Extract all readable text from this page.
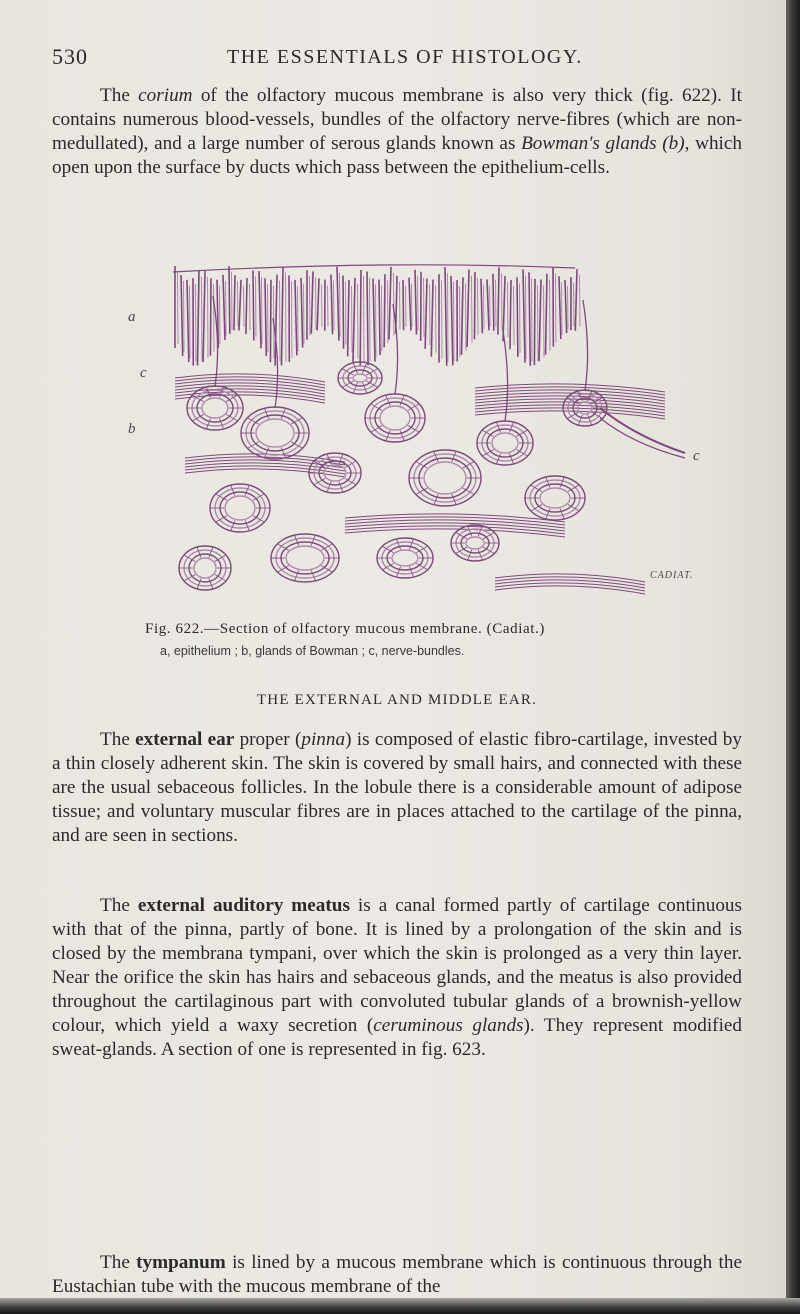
530	THE ESSENTIALS OF HISTOLOGY.

The corium of the olfactory mucous membrane is also very thick (fig. 622). It contains numerous blood-vessels, bundles of the olfactory nerve-fibres (which are non-medullated), and a large number of serous glands known as Bowman's glands (b), which open upon the surface by ducts which pass between the epithelium-cells.

a
c
b
c
CADIAT.
Fig. 622.—Section of olfactory mucous membrane. (Cadiat.)
a, epithelium ; b, glands of Bowman ; c, nerve-bundles.
THE EXTERNAL AND MIDDLE EAR.

The external ear proper (pinna) is composed of elastic fibro-cartilage, invested by a thin closely adherent skin. The skin is covered by small hairs, and connected with these are the usual sebaceous follicles. In the lobule there is a considerable amount of adipose tissue; and voluntary muscular fibres are in places attached to the cartilage of the pinna, and are seen in sections.

The external auditory meatus is a canal formed partly of cartilage continuous with that of the pinna, partly of bone. It is lined by a prolongation of the skin and is closed by the membrana tympani, over which the skin is prolonged as a very thin layer. Near the orifice the skin has hairs and sebaceous glands, and the meatus is also provided throughout the cartilaginous part with convoluted tubular glands of a brownish-yellow colour, which yield a waxy secretion (ceruminous glands). They represent modified sweat-glands. A section of one is represented in fig. 623.

The tympanum is lined by a mucous membrane which is continuous through the Eustachian tube with the mucous membrane of the
